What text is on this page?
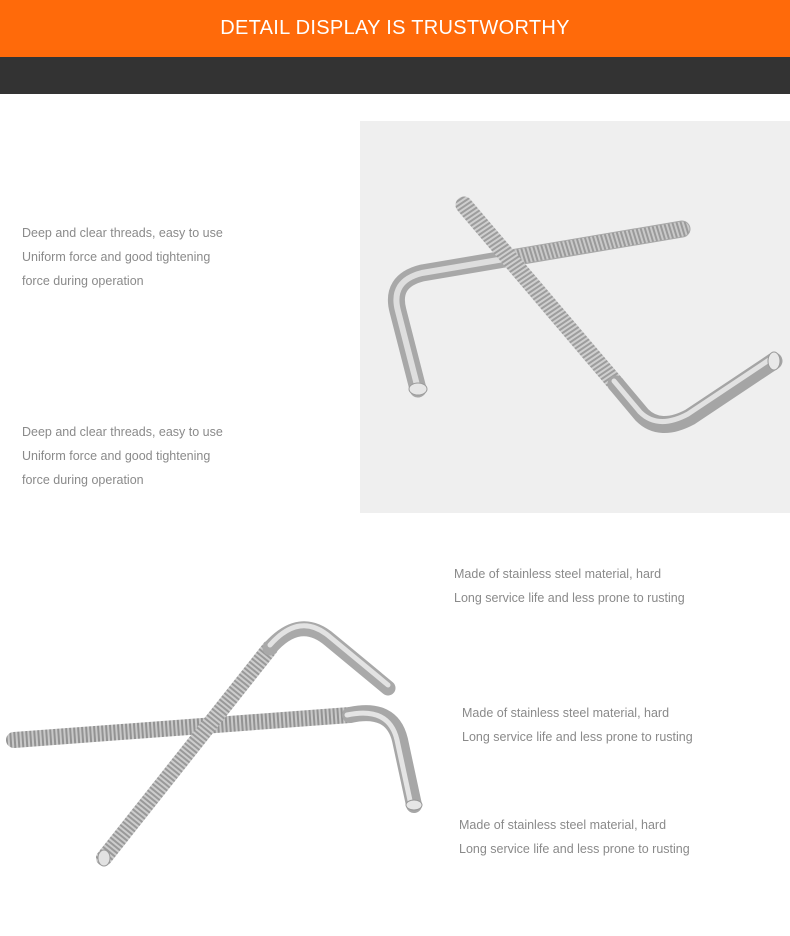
DETAIL DISPLAY IS TRUSTWORTHY
Deep and clear threads, easy to use
Uniform force and good tightening
force during operation
Deep and clear threads, easy to use
Uniform force and good tightening
force during operation
Made of stainless steel material, hard
Long service life and less prone to rusting
Made of stainless steel material, hard
Long service life and less prone to rusting
Made of stainless steel material, hard
Long service life and less prone to rusting
